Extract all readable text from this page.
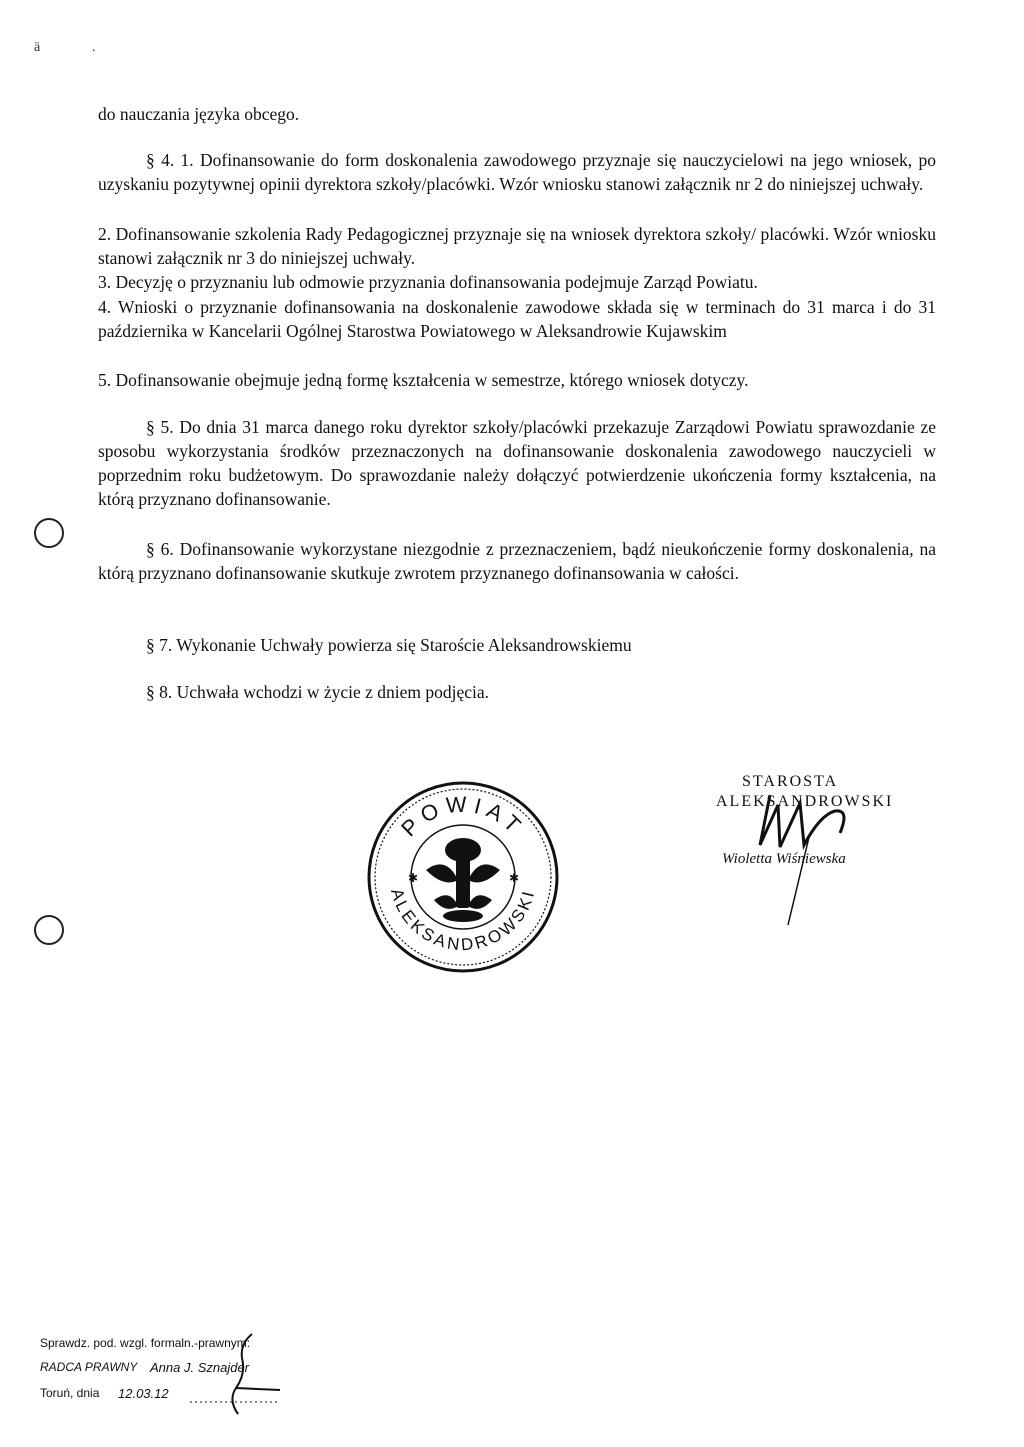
ä	.
do nauczania języka obcego.
§ 4. 1. Dofinansowanie do form doskonalenia zawodowego przyznaje się nauczycielowi na jego wniosek, po uzyskaniu pozytywnej opinii dyrektora szkoły/placówki. Wzór wniosku stanowi załącznik nr 2 do niniejszej uchwały.
2. Dofinansowanie szkolenia Rady Pedagogicznej przyznaje się na wniosek dyrektora szkoły/ placówki. Wzór wniosku stanowi załącznik nr 3 do niniejszej uchwały.
3. Decyzję o przyznaniu lub odmowie przyznania dofinansowania podejmuje Zarząd Powiatu.
4. Wnioski o przyznanie dofinansowania na doskonalenie zawodowe składa się w terminach do 31 marca i do 31 października w Kancelarii Ogólnej Starostwa Powiatowego w Aleksandrowie Kujawskim
5. Dofinansowanie obejmuje jedną formę kształcenia w semestrze, którego wniosek dotyczy.
§ 5. Do dnia 31 marca danego roku dyrektor szkoły/placówki przekazuje Zarządowi Powiatu sprawozdanie ze sposobu wykorzystania środków przeznaczonych na dofinansowanie doskonalenia zawodowego nauczycieli w poprzednim roku budżetowym. Do sprawozdanie należy dołączyć potwierdzenie ukończenia formy kształcenia, na którą przyznano dofinansowanie.
§ 6. Dofinansowanie wykorzystane niezgodnie z przeznaczeniem, bądź nieukończenie formy doskonalenia, na którą przyznano dofinansowanie skutkuje zwrotem przyznanego dofinansowania w całości.
§ 7. Wykonanie Uchwały powierza się Staroście Aleksandrowskiemu
§ 8. Uchwała wchodzi w życie z dniem podjęcia.
POWIAT
ALEKSANDROWSKI
✱	✱
STAROSTA
ALEKSANDROWSKI
Wioletta Wiśniewska
Sprawdz. pod. wzgl. formaln.-prawnym:
RADCA PRAWNY Anna J. Sznajder
Toruń, dnia 12.03.12
